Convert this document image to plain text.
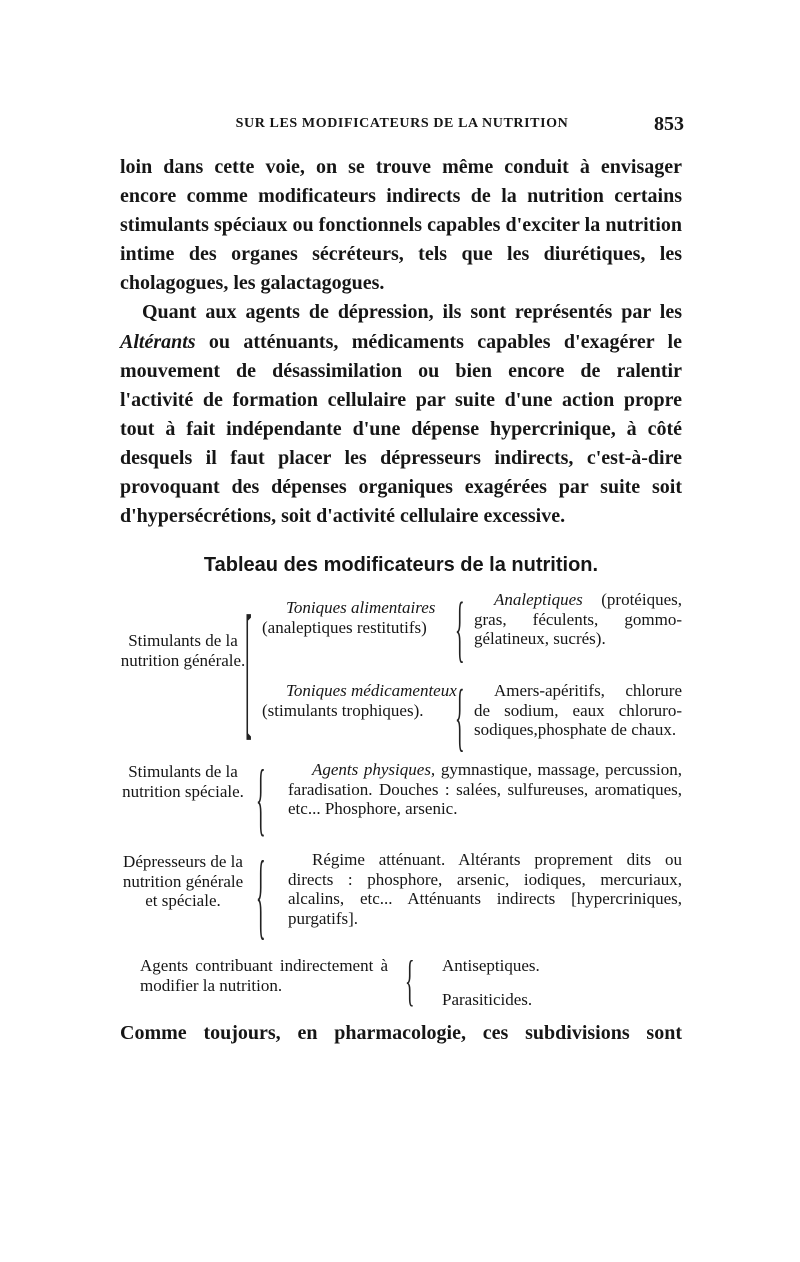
SUR LES MODIFICATEURS DE LA NUTRITION	853

loin dans cette voie, on se trouve même conduit à envisager encore comme modificateurs indirects de la nutrition certains stimulants spéciaux ou fonctionnels capables d'exciter la nutrition intime des organes sécréteurs, tels que les diurétiques, les cholagogues, les galactagogues.

Quant aux agents de dépression, ils sont représentés par les Altérants ou atténuants, médicaments capables d'exagérer le mouvement de désassimilation ou bien encore de ralentir l'activité de formation cellulaire par suite d'une action propre tout à fait indépendante d'une dépense hypercrinique, à côté desquels il faut placer les dépresseurs indirects, c'est-à-dire provoquant des dépenses organiques exagérées par suite soit d'hypersécrétions, soit d'activité cellulaire excessive.

Tableau des modificateurs de la nutrition.
Stimulants de la nutrition générale. [	Toniques alimentaires (analeptiques restitutifs)	{	Analeptiques (protéiques, gras, féculents, gommo-gélatineux, sucrés).
Toniques médicamenteux (stimulants trophiques).	{	Amers-apéritifs, chlorure de sodium, eaux chloruro-sodiques,phosphate de chaux.
Stimulants de la nutrition spéciale. {	Agents physiques, gymnastique, massage, percussion, faradisation. Douches : salées, sulfureuses, aromatiques, etc... Phosphore, arsenic.
Dépresseurs de la nutrition générale et spéciale.	{	Régime atténuant. Altérants proprement dits ou directs : phosphore, arsenic, iodiques, mercuriaux, alcalins, etc... Atténuants indirects [hypercriniques, purgatifs].
Agents contribuant indirectement à modifier la nutrition.	{ Antiseptiques.
Parasiticides.
Comme toujours, en pharmacologie, ces subdivisions sont
